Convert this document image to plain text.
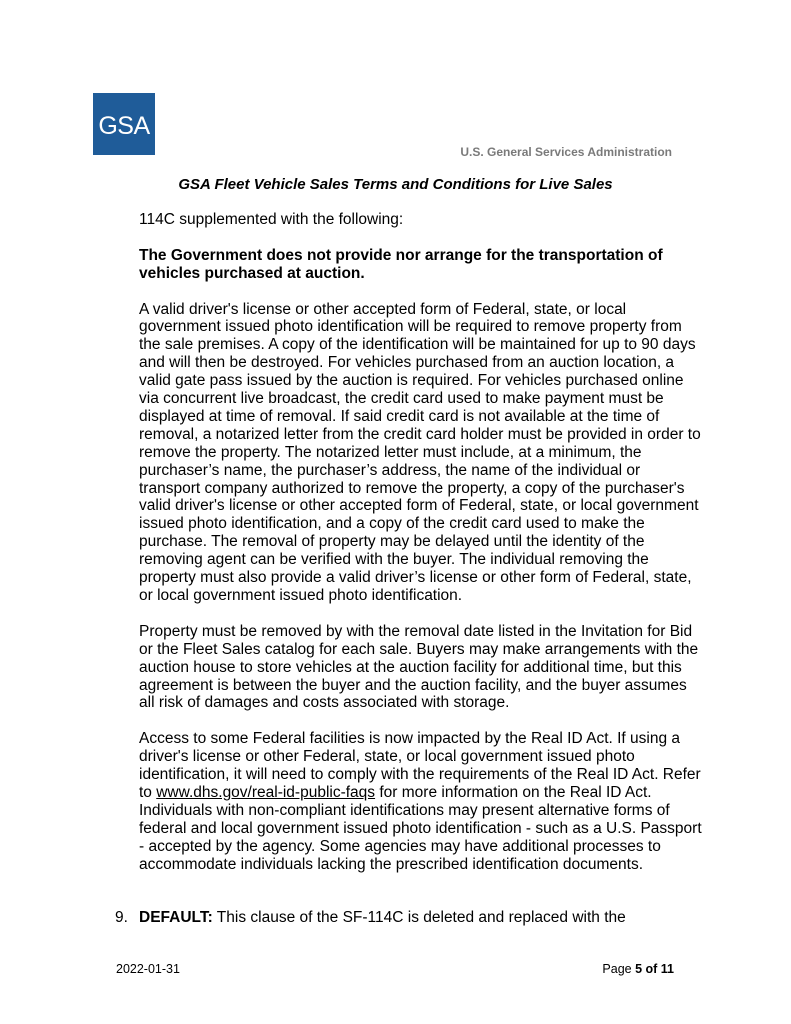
GSA
U.S. General Services Administration
GSA Fleet Vehicle Sales Terms and Conditions for Live Sales

114C supplemented with the following:

The Government does not provide nor arrange for the transportation of vehicles purchased at auction.

A valid driver's license or other accepted form of Federal, state, or local government issued photo identification will be required to remove property from the sale premises. A copy of the identification will be maintained for up to 90 days and will then be destroyed. For vehicles purchased from an auction location, a valid gate pass issued by the auction is required. For vehicles purchased online via concurrent live broadcast, the credit card used to make payment must be displayed at time of removal. If said credit card is not available at the time of removal, a notarized letter from the credit card holder must be provided in order to remove the property. The notarized letter must include, at a minimum, the purchaser’s name, the purchaser’s address, the name of the individual or transport company authorized to remove the property, a copy of the purchaser's valid driver's license or other accepted form of Federal, state, or local government issued photo identification, and a copy of the credit card used to make the purchase. The removal of property may be delayed until the identity of the removing agent can be verified with the buyer. The individual removing the property must also provide a valid driver’s license or other form of Federal, state, or local government issued photo identification.

Property must be removed by with the removal date listed in the Invitation for Bid or the Fleet Sales catalog for each sale. Buyers may make arrangements with the auction house to store vehicles at the auction facility for additional time, but this agreement is between the buyer and the auction facility, and the buyer assumes all risk of damages and costs associated with storage.

Access to some Federal facilities is now impacted by the Real ID Act. If using a driver's license or other Federal, state, or local government issued photo identification, it will need to comply with the requirements of the Real ID Act. Refer to www.dhs.gov/real-id-public-faqs for more information on the Real ID Act. Individuals with non-compliant identifications may present alternative forms of federal and local government issued photo identification - such as a U.S. Passport - accepted by the agency. Some agencies may have additional processes to accommodate individuals lacking the prescribed identification documents.

9. DEFAULT: This clause of the SF-114C is deleted and replaced with the
2022-01-31	Page 5 of 11
